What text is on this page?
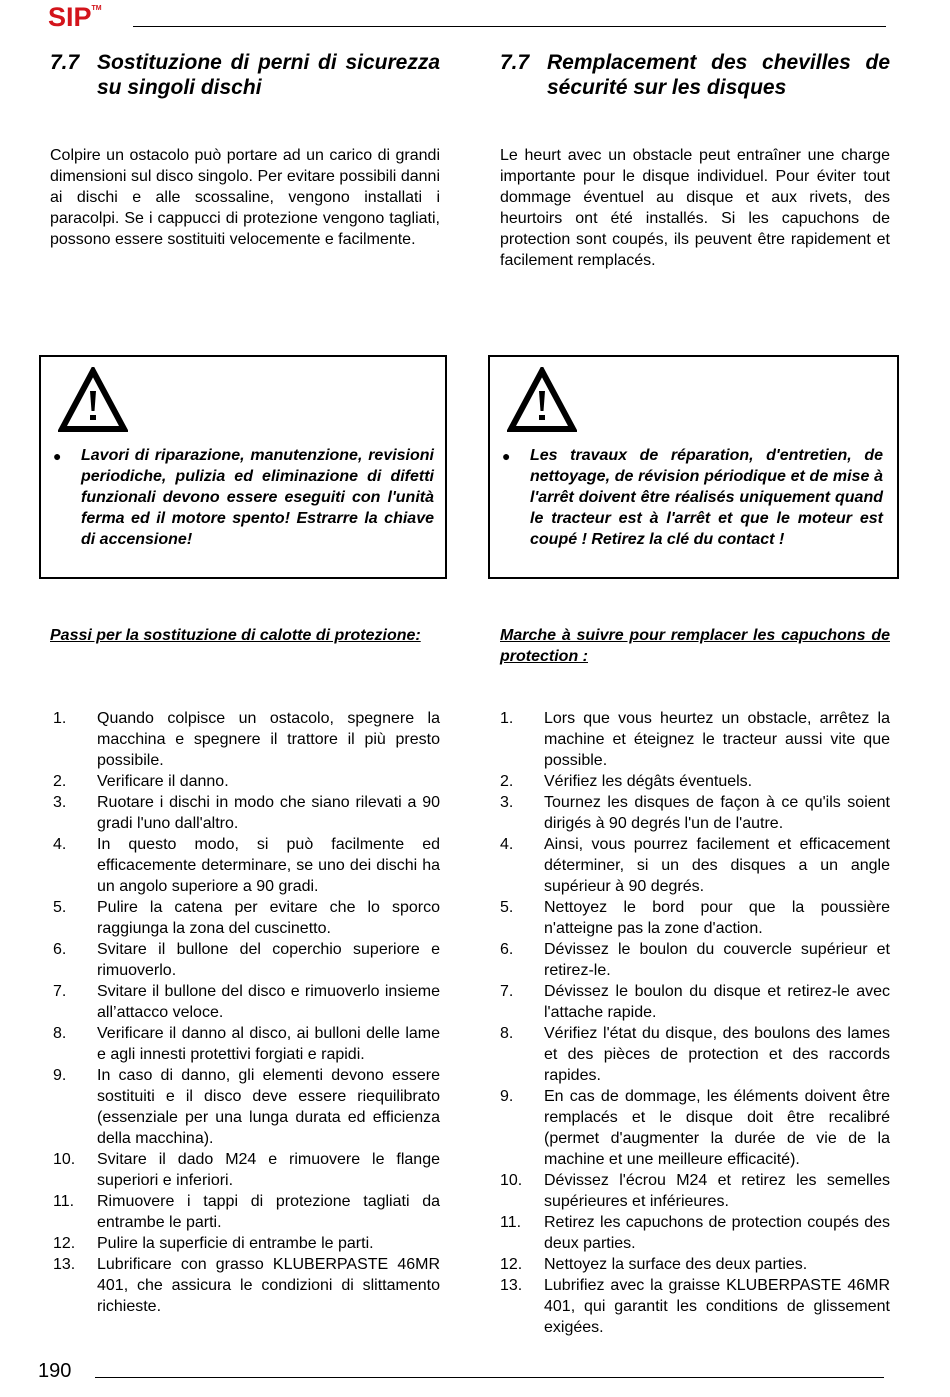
SIP™
7.7 Sostituzione di perni di sicurezza su singoli dischi
Colpire un ostacolo può portare ad un carico di grandi dimensioni sul disco singolo. Per evitare possibili danni ai dischi e alle scossaline, vengono installati i paracolpi. Se i cappucci di protezione vengono tagliati, possono essere sostituiti velocemente e facilmente.
7.7 Remplacement des chevilles de sécurité sur les disques
Le heurt avec un obstacle peut entraîner une charge importante pour le disque individuel. Pour éviter tout dommage éventuel au disque et aux rivets, des heurtoirs ont été installés. Si les capuchons de protection sont coupés, ils peuvent être rapidement et facilement remplacés.
● Lavori di riparazione, manutenzione, revisioni periodiche, pulizia ed eliminazione di difetti funzionali devono essere eseguiti con l'unità ferma ed il motore spento! Estrarre la chiave di accensione!
● Les travaux de réparation, d'entretien, de nettoyage, de révision périodique et de mise à l'arrêt doivent être réalisés uniquement quand le tracteur est à l'arrêt et que le moteur est coupé ! Retirez la clé du contact !
Passi per la sostituzione di calotte di protezione:	Marche à suivre pour remplacer les capuchons de protection :
1.	Quando colpisce un ostacolo, spegnere la macchina e spegnere il trattore il più presto possibile.
2.	Verificare il danno.
3.	Ruotare i dischi in modo che siano rilevati a 90 gradi l'uno dall'altro.
4.	In questo modo, si può facilmente ed efficacemente determinare, se uno dei dischi ha un angolo superiore a 90 gradi.
5.	Pulire la catena per evitare che lo sporco raggiunga la zona del cuscinetto.
6.	Svitare il bullone del coperchio superiore e rimuoverlo.
7.	Svitare il bullone del disco e rimuoverlo insieme all’attacco veloce.
8.	Verificare il danno al disco, ai bulloni delle lame e agli innesti protettivi forgiati e rapidi.
9.	In caso di danno, gli elementi devono essere sostituiti e il disco deve essere riequilibrato (essenziale per una lunga durata ed efficienza della macchina).
10.	Svitare il dado M24 e rimuovere le flange superiori e inferiori.
11.	Rimuovere i tappi di protezione tagliati da entrambe le parti.
12.	Pulire la superficie di entrambe le parti.
13.	Lubrificare con grasso KLUBERPASTE 46MR 401, che assicura le condizioni di slittamento richieste.
1.	Lors que vous heurtez un obstacle, arrêtez la machine et éteignez le tracteur aussi vite que possible.
2.	Vérifiez les dégâts éventuels.
3.	Tournez les disques de façon à ce qu'ils soient dirigés à 90 degrés l'un de l'autre.
4.	Ainsi, vous pourrez facilement et efficacement déterminer, si un des disques a un angle supérieur à 90 degrés.
5.	Nettoyez le bord pour que la poussière n'atteigne pas la zone d'action.
6.	Dévissez le boulon du couvercle supérieur et retirez-le.
7.	Dévissez le boulon du disque et retirez-le avec l'attache rapide.
8.	Vérifiez l'état du disque, des boulons des lames et des pièces de protection et des raccords rapides.
9.	En cas de dommage, les éléments doivent être remplacés et le disque doit être recalibré (permet d'augmenter la durée de vie de la machine et une meilleure efficacité).
10.	Dévissez l'écrou M24 et retirez les semelles supérieures et inférieures.
11.	Retirez les capuchons de protection coupés des deux parties.
12.	Nettoyez la surface des deux parties.
13.	Lubrifiez avec la graisse KLUBERPASTE 46MR 401, qui garantit les conditions de glissement exigées.
190
